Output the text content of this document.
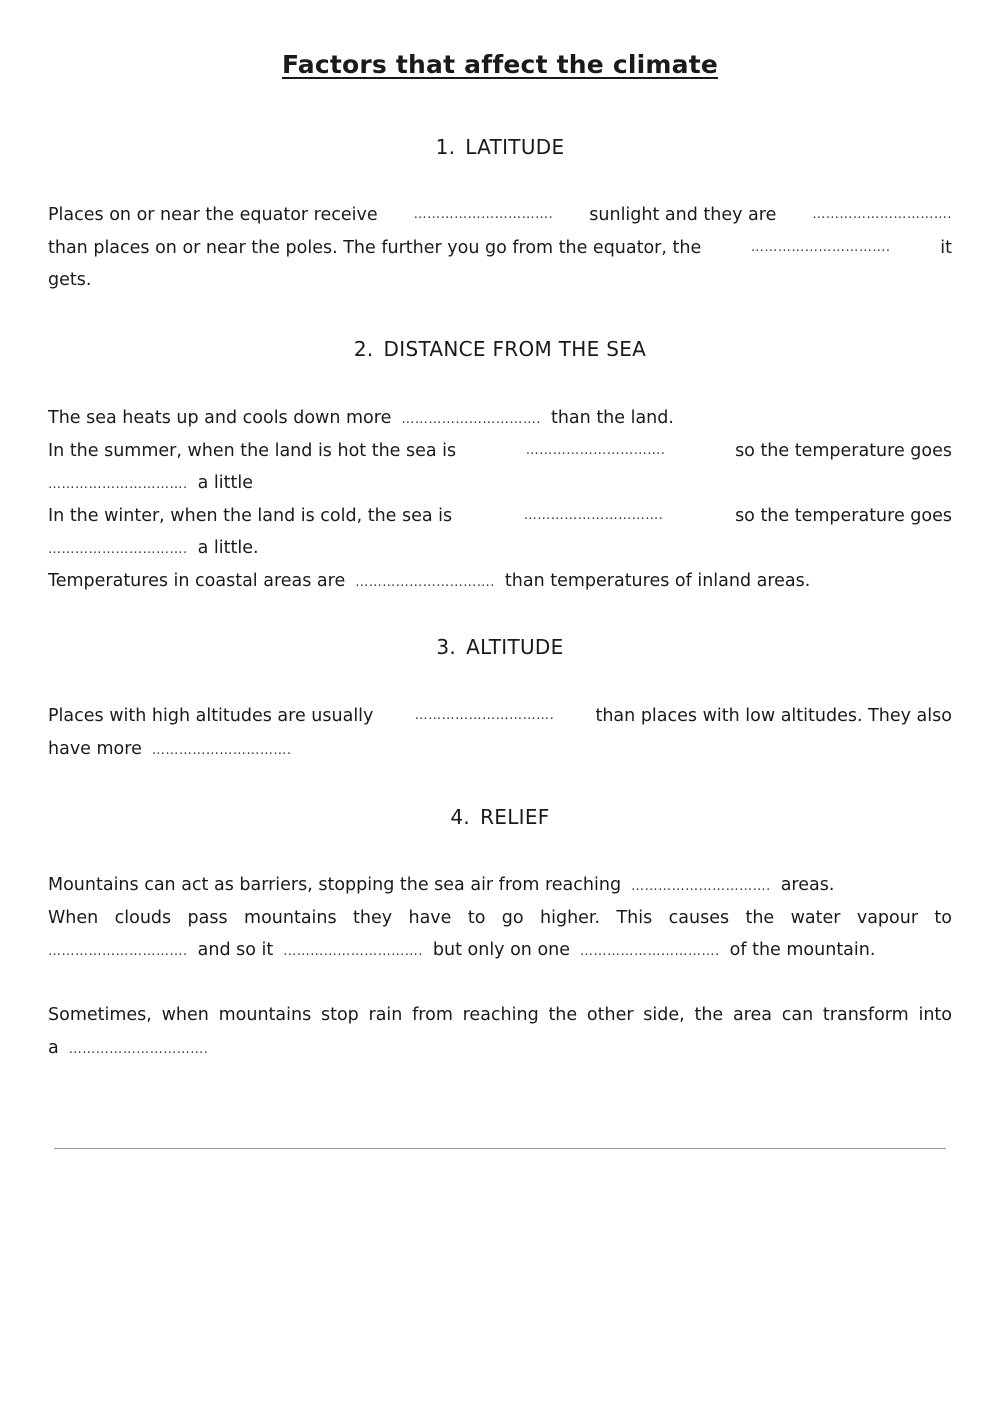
Factors that affect the climate
1. LATITUDE
Places on or near the equator receive	…………………………. sunlight and they are	………………………….
than places on or near the poles. The further you go from the equator, the	………………………….	it
gets.
2. DISTANCE FROM THE SEA
The sea heats up and cools down more …………………………. than the land.
In the summer, when the land is hot the sea is	………………………….	so the temperature goes
…………………………. a little
In the winter, when the land is cold, the sea is	………………………….	so the temperature goes
…………………………. a little.
Temperatures in coastal areas are …………………………. than temperatures of inland areas.
3. ALTITUDE
Places with high altitudes are usually	…………………………. than places with low altitudes. They also
have more ………………………….
4. RELIEF
Mountains can act as barriers, stopping the sea air from reaching …………………………. areas.
When clouds pass mountains they have to go higher. This causes the water vapour to
…………………………. and so it …………………………. but only on one …………………………. of the mountain.
Sometimes, when mountains stop rain from reaching the other side, the area can transform into
a ………………………….
